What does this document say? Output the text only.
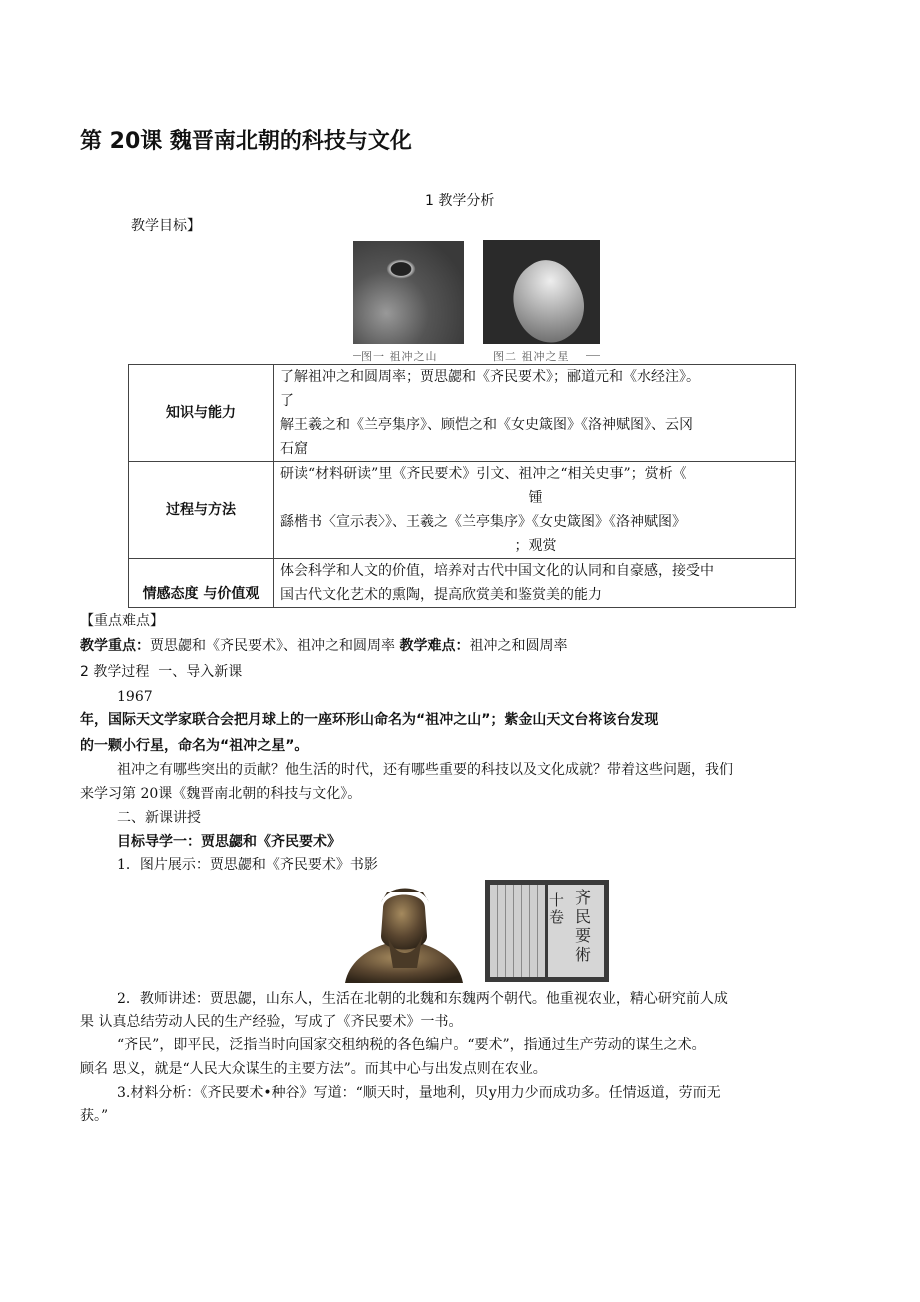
第 20课 魏晋南北朝的科技与文化
1 教学分析
教学目标】
图一 祖冲之山	图二 祖冲之星
知识与能力	了解祖冲之和圆周率；贾思勰和《齐民要术》；郦道元和《水经注》。
了
解王羲之和《兰亭集序》、顾恺之和《女史箴图》《洛神赋图》、云冈
石窟

过程与方法	研读“材料研读”里《齐民要术》引文、祖冲之“相关史事”；赏析《
锺
繇楷书〈宣示表〉》、王羲之《兰亭集序》《女史箴图》《洛神赋图》
；观赏

情感态度 与价值观	体会科学和人文的价值，培养对古代中国文化的认同和自豪感，接受中
国古代文化艺术的熏陶，提高欣赏美和鉴赏美的能力
【重点难点】
教学重点：贾思勰和《齐民要术》、祖冲之和圆周率 教学难点：祖冲之和圆周率
2 教学过程 一、导入新课
1967
年，国际天文学家联合会把月球上的一座环形山命名为“祖冲之山”；紫金山天文台将该台发现
的一颗小行星，命名为“祖冲之星”。
祖冲之有哪些突出的贡献？他生活的时代，还有哪些重要的科技以及文化成就？带着这些问题，我们
来学习第 20课《魏晋南北朝的科技与文化》。
二、新课讲授
目标导学一：贾思勰和《齐民要术》
1．图片展示：贾思勰和《齐民要术》书影
十卷
齐民要術
2．教师讲述：贾思勰，山东人，生活在北朝的北魏和东魏两个朝代。他重视农业，精心研究前人成
果 认真总结劳动人民的生产经验，写成了《齐民要术》一书。
“齐民”，即平民，泛指当时向国家交租纳税的各色编户。“要术”，指通过生产劳动的谋生之术。
顾名 思义，就是“人民大众谋生的主要方法”。而其中心与出发点则在农业。
3.材料分析：《齐民要术•种谷》写道：“顺天时，量地利，贝y用力少而成功多。任情返道，劳而无
获。”
